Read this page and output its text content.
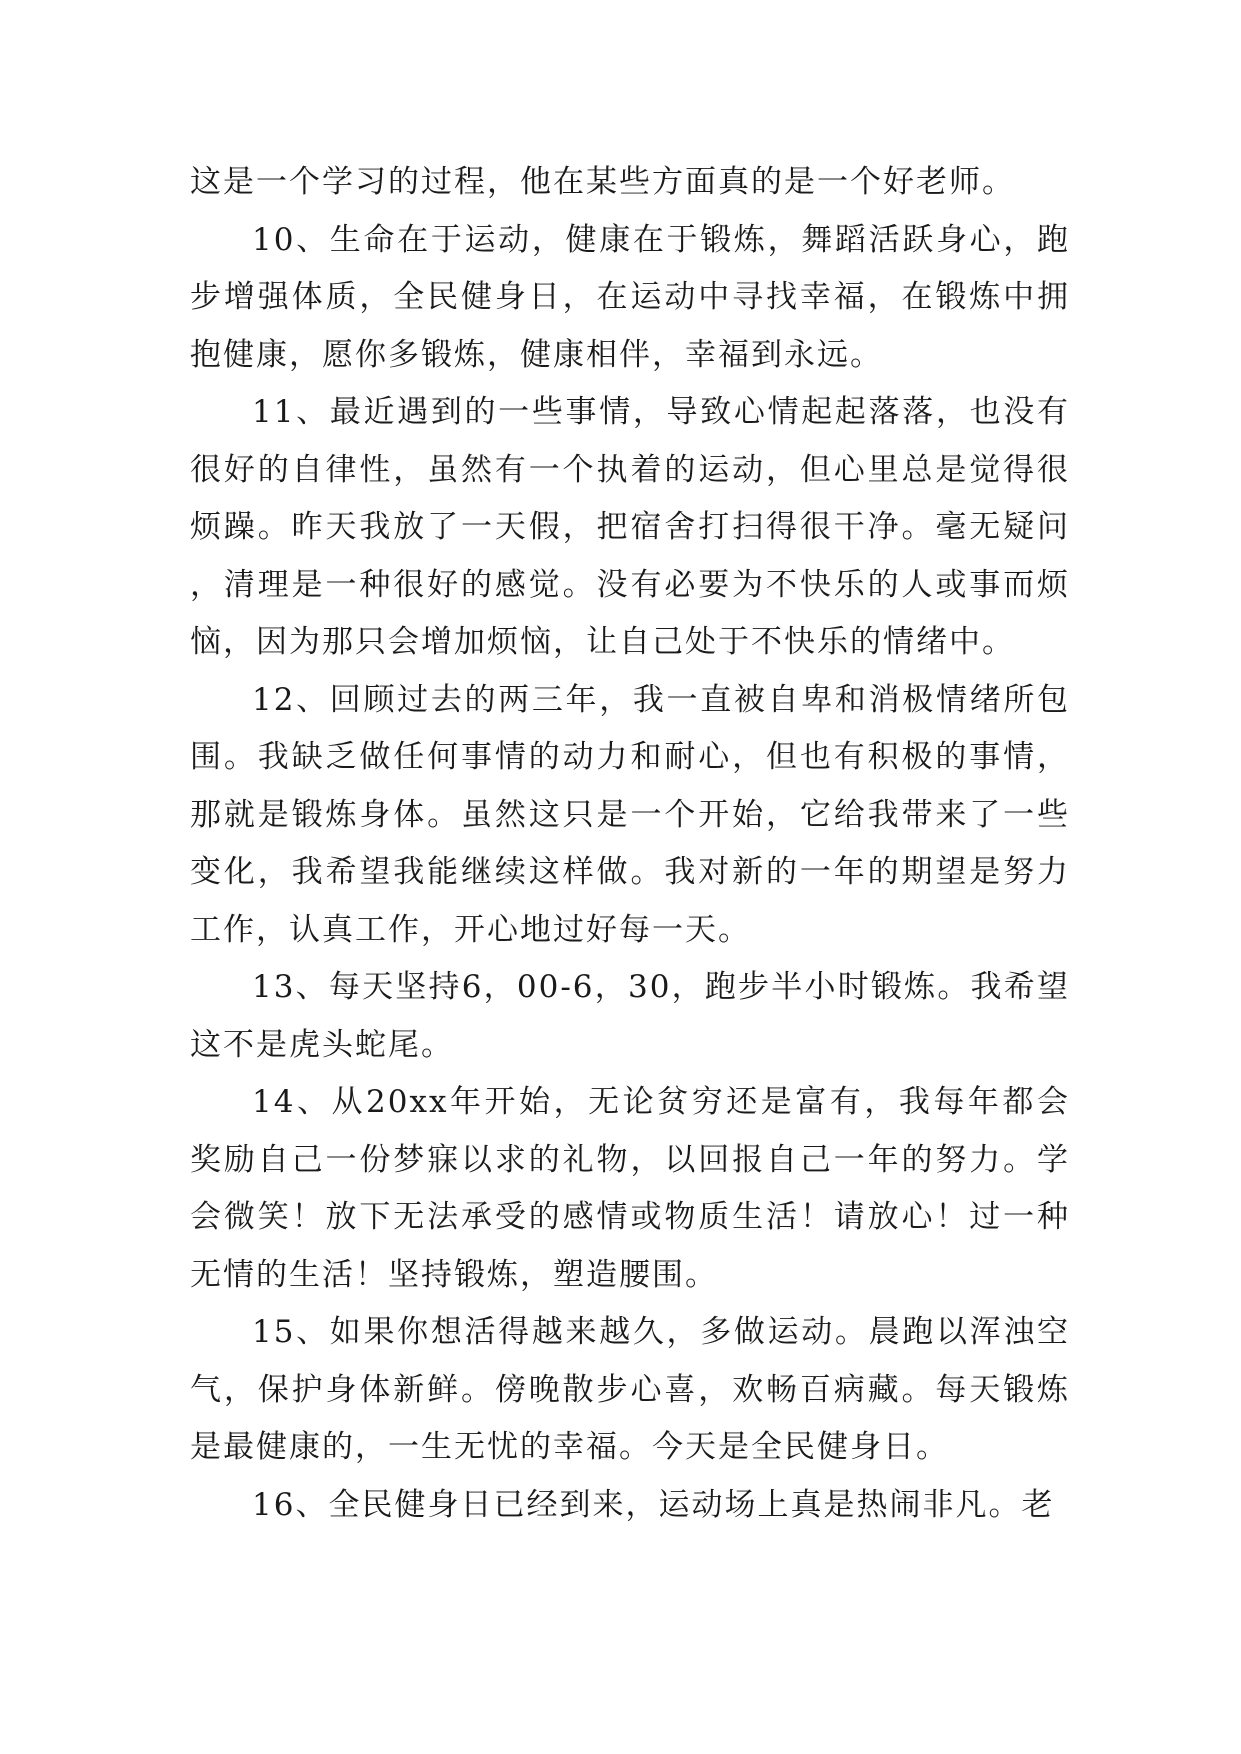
这是一个学习的过程，他在某些方面真的是一个好老师。

10、生命在于运动，健康在于锻炼，舞蹈活跃身心，跑步增强体质，全民健身日，在运动中寻找幸福，在锻炼中拥抱健康，愿你多锻炼，健康相伴，幸福到永远。

11、最近遇到的一些事情，导致心情起起落落，也没有很好的自律性，虽然有一个执着的运动，但心里总是觉得很烦躁。昨天我放了一天假，把宿舍打扫得很干净。毫无疑问，清理是一种很好的感觉。没有必要为不快乐的人或事而烦恼，因为那只会增加烦恼，让自己处于不快乐的情绪中。

12、回顾过去的两三年，我一直被自卑和消极情绪所包围。我缺乏做任何事情的动力和耐心，但也有积极的事情，那就是锻炼身体。虽然这只是一个开始，它给我带来了一些变化，我希望我能继续这样做。我对新的一年的期望是努力工作，认真工作，开心地过好每一天。

13、每天坚持6，00-6，30，跑步半小时锻炼。我希望这不是虎头蛇尾。

14、从20xx年开始，无论贫穷还是富有，我每年都会奖励自己一份梦寐以求的礼物，以回报自己一年的努力。学会微笑！放下无法承受的感情或物质生活！请放心！过一种无情的生活！坚持锻炼，塑造腰围。

15、如果你想活得越来越久，多做运动。晨跑以浑浊空气，保护身体新鲜。傍晚散步心喜，欢畅百病藏。每天锻炼是最健康的，一生无忧的幸福。今天是全民健身日。

16、全民健身日已经到来，运动场上真是热闹非凡。老
